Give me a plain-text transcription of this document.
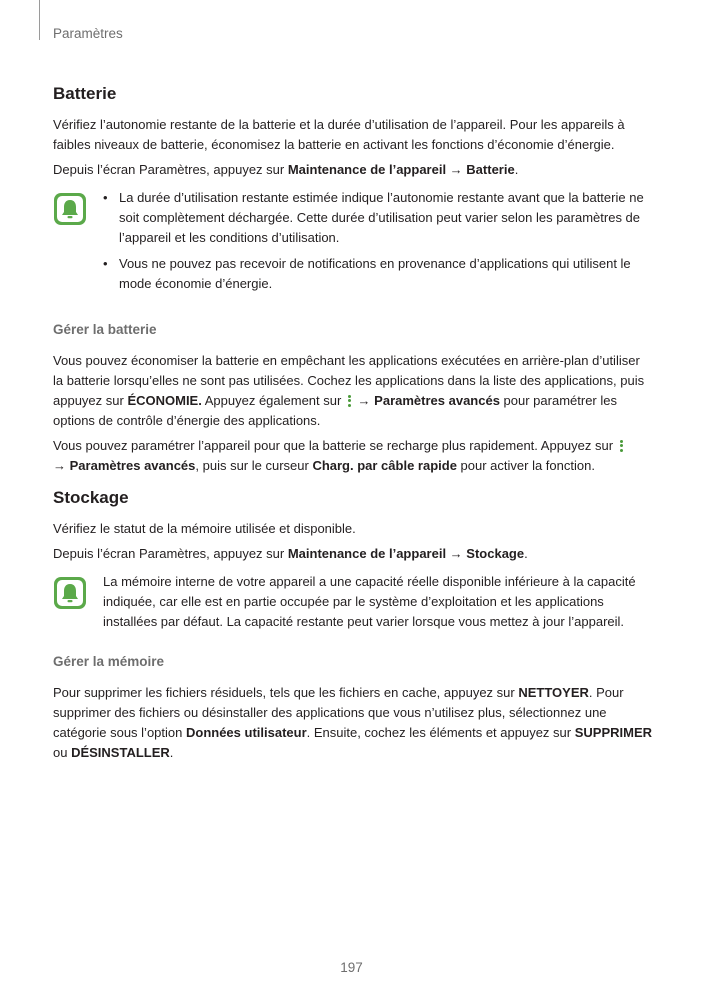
Paramètres
Batterie

Vérifiez l’autonomie restante de la batterie et la durée d’utilisation de l’appareil. Pour les appareils à faibles niveaux de batterie, économisez la batterie en activant les fonctions d’économie d’énergie.

Depuis l’écran Paramètres, appuyez sur Maintenance de l’appareil → Batterie.

• La durée d’utilisation restante estimée indique l’autonomie restante avant que la batterie ne soit complètement déchargée. Cette durée d’utilisation peut varier selon les paramètres de l’appareil et les conditions d’utilisation.
• Vous ne pouvez pas recevoir de notifications en provenance d’applications qui utilisent le mode économie d’énergie.
Gérer la batterie

Vous pouvez économiser la batterie en empêchant les applications exécutées en arrière-plan d’utiliser la batterie lorsqu’elles ne sont pas utilisées. Cochez les applications dans la liste des applications, puis appuyez sur ÉCONOMIE. Appuyez également sur
→ Paramètres avancés pour paramétrer les options de contrôle d’énergie des applications.

Vous pouvez paramétrer l’appareil pour que la batterie se recharge plus rapidement. Appuyez sur

→ Paramètres avancés, puis sur le curseur Charg. par câble rapide pour activer la fonction.

Stockage

Vérifiez le statut de la mémoire utilisée et disponible.

Depuis l’écran Paramètres, appuyez sur Maintenance de l’appareil → Stockage.

La mémoire interne de votre appareil a une capacité réelle disponible inférieure à la capacité indiquée, car elle est en partie occupée par le système d’exploitation et les applications installées par défaut. La capacité restante peut varier lorsque vous mettez à jour l’appareil.
Gérer la mémoire

Pour supprimer les fichiers résiduels, tels que les fichiers en cache, appuyez sur NETTOYER. Pour supprimer des fichiers ou désinstaller des applications que vous n’utilisez plus, sélectionnez une catégorie sous l’option Données utilisateur. Ensuite, cochez les éléments et appuyez sur SUPPRIMER ou DÉSINSTALLER.

197
